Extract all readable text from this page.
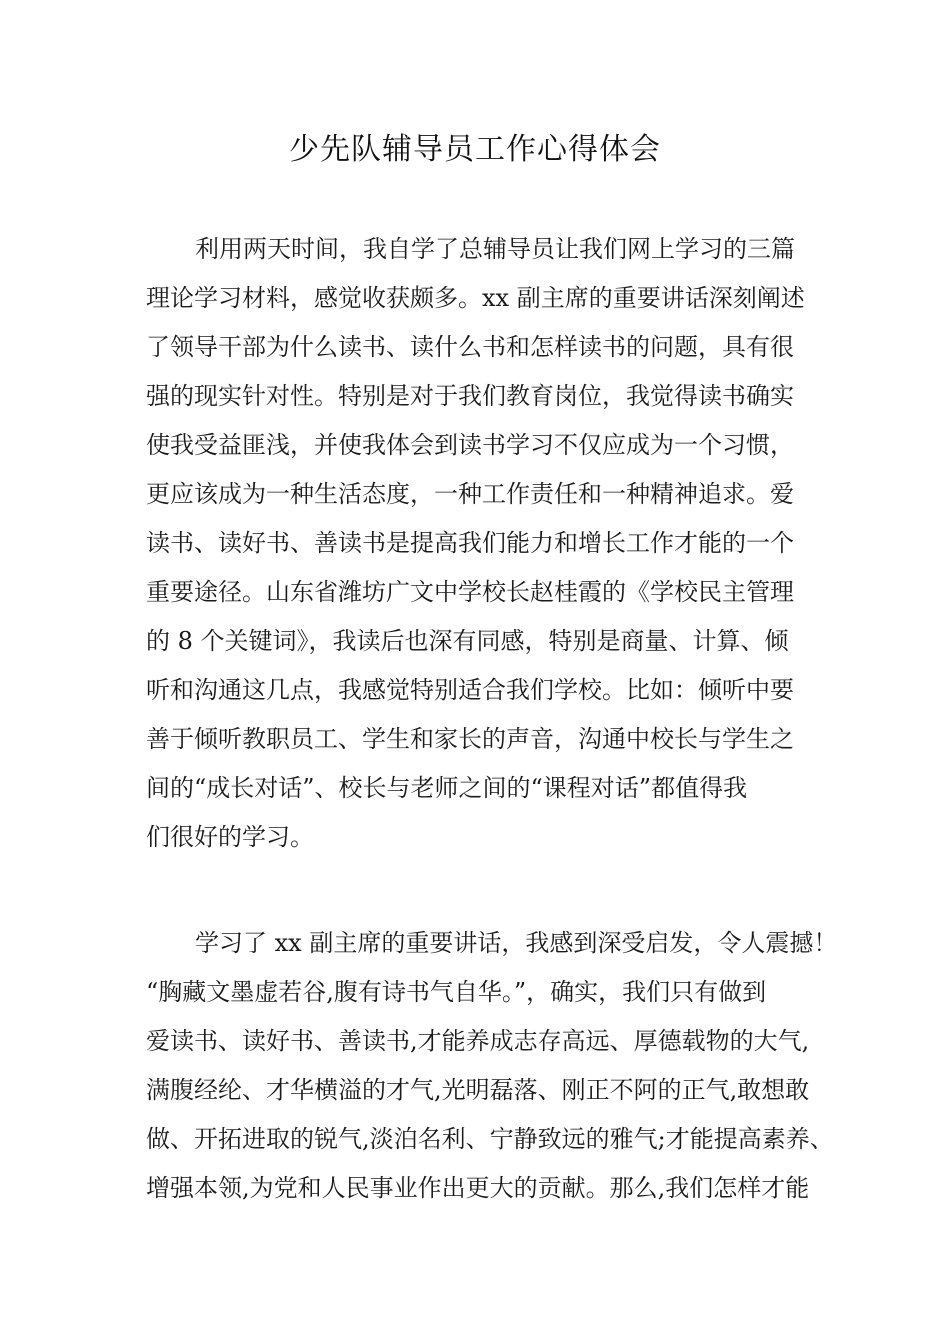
少先队辅导员工作心得体会
利用两天时间，我自学了总辅导员让我们网上学习的三篇
理论学习材料，感觉收获颇多。xx 副主席的重要讲话深刻阐述
了领导干部为什么读书、读什么书和怎样读书的问题，具有很
强的现实针对性。特别是对于我们教育岗位，我觉得读书确实
使我受益匪浅，并使我体会到读书学习不仅应成为一个习惯，
更应该成为一种生活态度，一种工作责任和一种精神追求。爱
读书、读好书、善读书是提高我们能力和增长工作才能的一个
重要途径。山东省潍坊广文中学校长赵桂霞的《学校民主管理
的 8 个关键词》，我读后也深有同感，特别是商量、计算、倾
听和沟通这几点，我感觉特别适合我们学校。比如：倾听中要
善于倾听教职员工、学生和家长的声音，沟通中校长与学生之
间的“成长对话”、校长与老师之间的“课程对话”都值得我
们很好的学习。
学习了 xx 副主席的重要讲话，我感到深受启发，令人震撼！
“胸藏文墨虚若谷,腹有诗书气自华。”，确实，我们只有做到
爱读书、读好书、善读书,才能养成志存高远、厚德载物的大气,
满腹经纶、才华横溢的才气,光明磊落、刚正不阿的正气,敢想敢
做、开拓进取的锐气,淡泊名利、宁静致远的雅气;才能提高素养、
增强本领,为党和人民事业作出更大的贡献。那么,我们怎样才能
